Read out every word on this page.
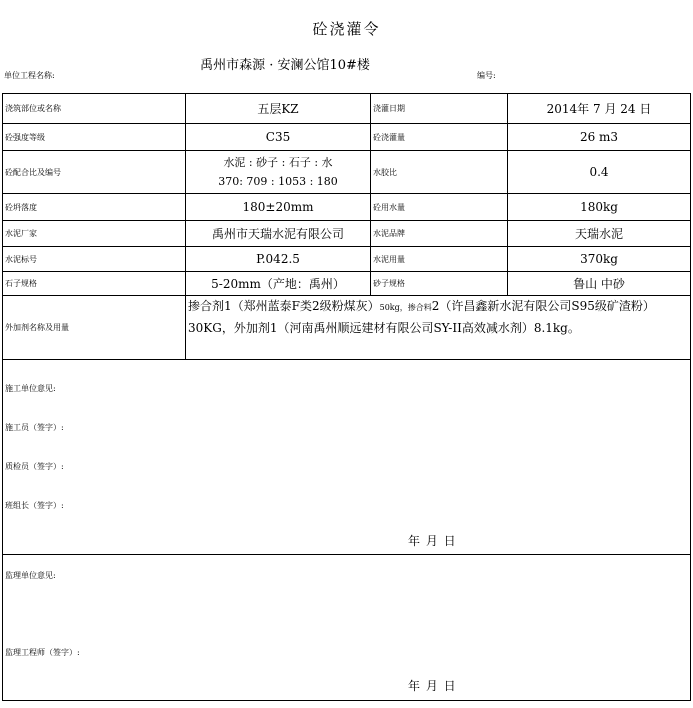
砼浇灌令
单位工程名称:
禹州市森源 · 安澜公馆10#楼
编号:
浇筑部位或名称	五层KZ	浇灌日期	2014年 7 月 24 日
砼强度等级	C35	砼浇灌量	26 m3
砼配合比及编号	水泥 : 砂子 : 石子 : 水
370: 709 : 1053 : 180	水胶比	0.4
砼坍落度	180±20mm	砼用水量	180kg
水泥厂家	禹州市天瑞水泥有限公司	水泥品牌	天瑞水泥
水泥标号	P.042.5	水泥用量	370kg
石子规格	5-20mm（产地：禹州）	砂子规格	鲁山 中砂
外加剂名称及用量	掺合剂1（郑州蓝泰F类2级粉煤灰）50kg，掺合料2（许昌鑫新水泥有限公司S95级矿渣粉）30KG，外加剂1（河南禹州顺远建材有限公司SY-II高效减水剂）8.1kg。		

施工单位意见:
施工员（签字）:
质检员（签字）:
班组长（签字）:
年 月 日			

监理单位意见:
监理工程师（签字）:
年 月 日			
